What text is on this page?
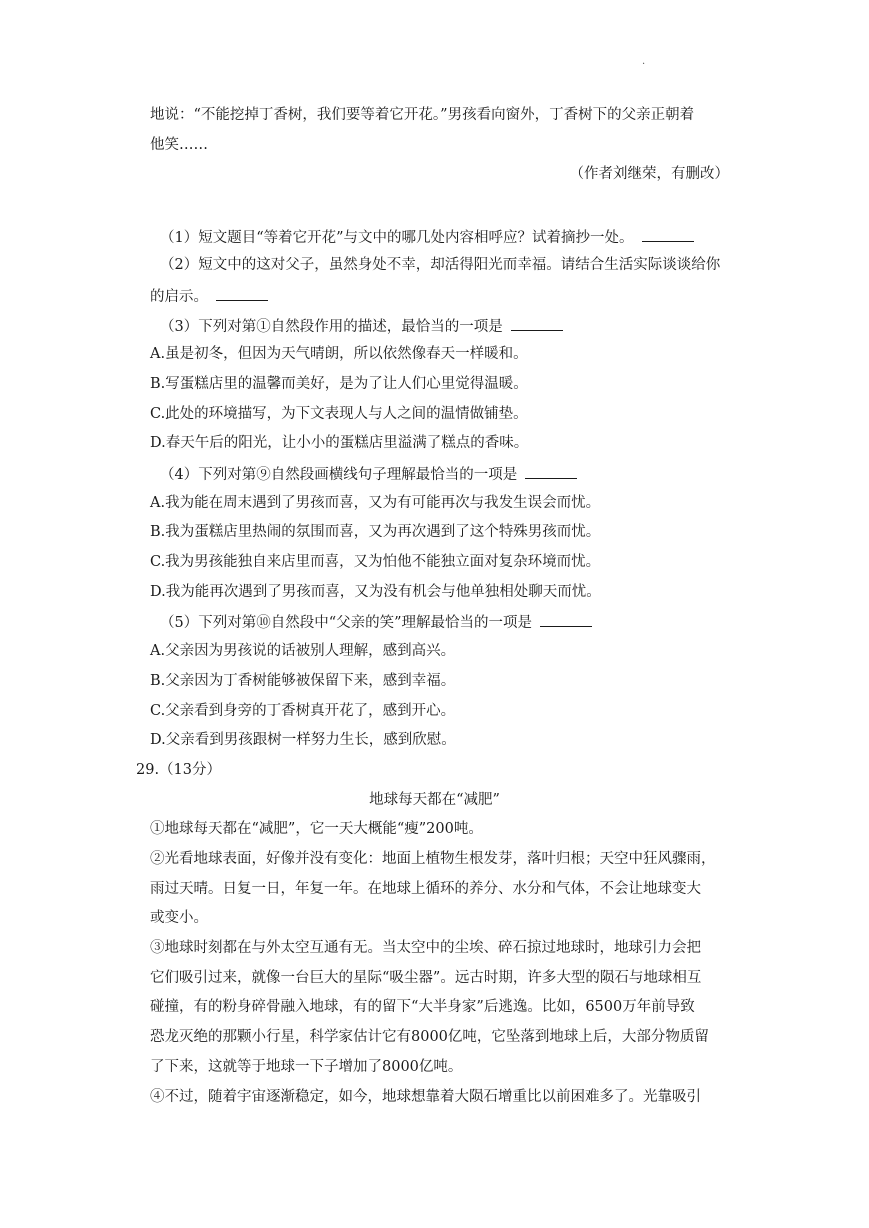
.
地说：“不能挖掉丁香树，我们要等着它开花。”男孩看向窗外，丁香树下的父亲正朝着
他笑……
（作者刘继荣，有删改）
（1）短文题目“等着它开花”与文中的哪几处内容相呼应？试着摘抄一处。
（2）短文中的这对父子，虽然身处不幸，却活得阳光而幸福。请结合生活实际谈谈给你
的启示。
（3）下列对第①自然段作用的描述，最恰当的一项是
A.虽是初冬，但因为天气晴朗，所以依然像春天一样暖和。
B.写蛋糕店里的温馨而美好，是为了让人们心里觉得温暖。
C.此处的环境描写，为下文表现人与人之间的温情做铺垫。
D.春天午后的阳光，让小小的蛋糕店里溢满了糕点的香味。
（4）下列对第⑨自然段画横线句子理解最恰当的一项是
A.我为能在周末遇到了男孩而喜，又为有可能再次与我发生误会而忧。
B.我为蛋糕店里热闹的氛围而喜，又为再次遇到了这个特殊男孩而忧。
C.我为男孩能独自来店里而喜，又为怕他不能独立面对复杂环境而忧。
D.我为能再次遇到了男孩而喜，又为没有机会与他单独相处聊天而忧。
（5）下列对第⑩自然段中“父亲的笑”理解最恰当的一项是
A.父亲因为男孩说的话被别人理解，感到高兴。
B.父亲因为丁香树能够被保留下来，感到幸福。
C.父亲看到身旁的丁香树真开花了，感到开心。
D.父亲看到男孩跟树一样努力生长，感到欣慰。
29.（13分）
地球每天都在“减肥”
①地球每天都在“减肥”，它一天大概能“瘦”200吨。
②光看地球表面，好像并没有变化：地面上植物生根发芽，落叶归根；天空中狂风骤雨，
雨过天晴。日复一日，年复一年。在地球上循环的养分、水分和气体，不会让地球变大
或变小。
③地球时刻都在与外太空互通有无。当太空中的尘埃、碎石掠过地球时，地球引力会把
它们吸引过来，就像一台巨大的星际“吸尘器”。远古时期，许多大型的陨石与地球相互
碰撞，有的粉身碎骨融入地球，有的留下“大半身家”后逃逸。比如，6500万年前导致
恐龙灭绝的那颗小行星，科学家估计它有8000亿吨，它坠落到地球上后，大部分物质留
了下来，这就等于地球一下子增加了8000亿吨。
④不过，随着宇宙逐渐稳定，如今，地球想靠着大陨石增重比以前困难多了。光靠吸引
